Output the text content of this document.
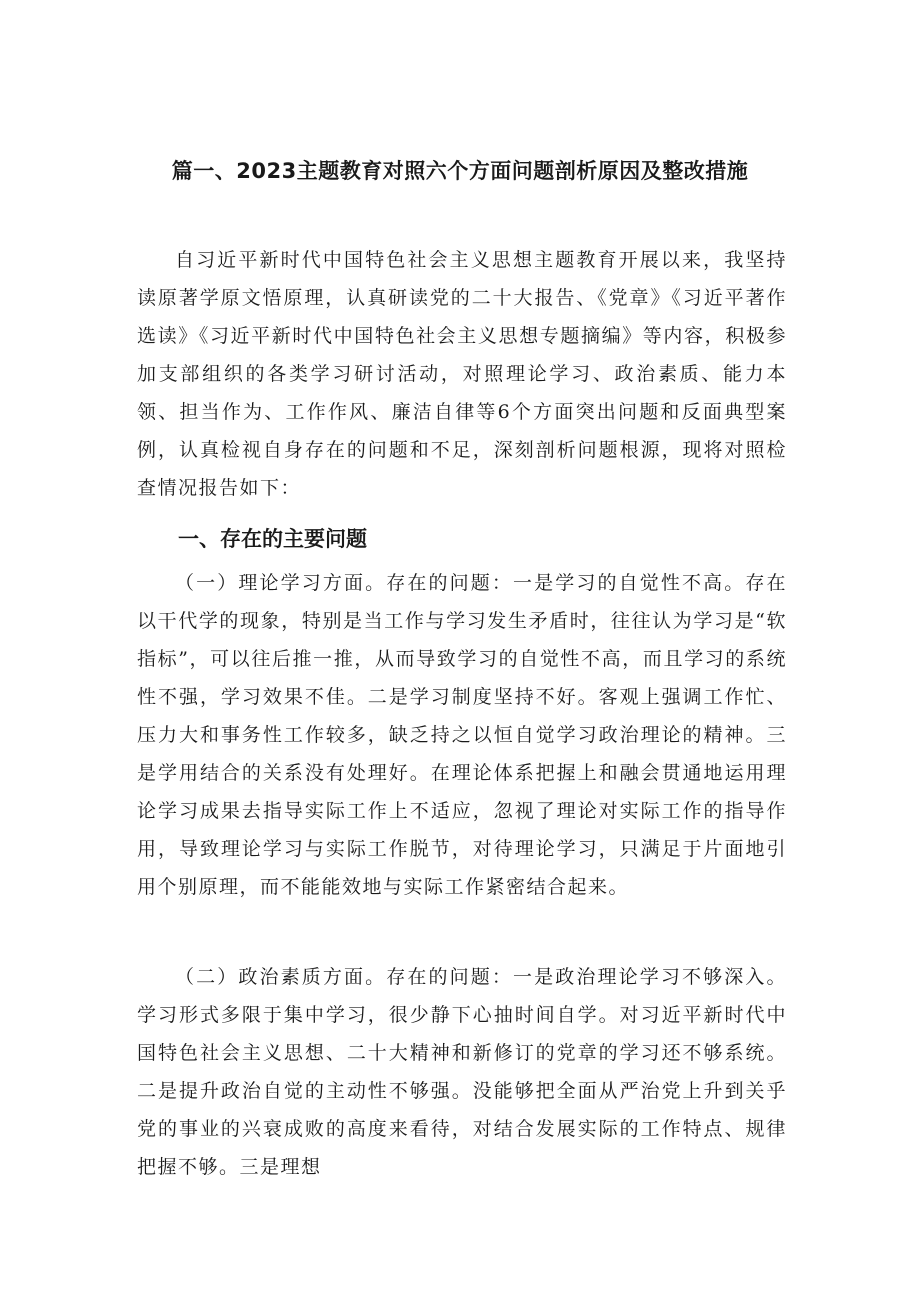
篇一、2023主题教育对照六个方面问题剖析原因及整改措施

自习近平新时代中国特色社会主义思想主题教育开展以来，我坚持读原著学原文悟原理，认真研读党的二十大报告、《党章》《习近平著作选读》《习近平新时代中国特色社会主义思想专题摘编》等内容，积极参加支部组织的各类学习研讨活动，对照理论学习、政治素质、能力本领、担当作为、工作作风、廉洁自律等6个方面突出问题和反面典型案例，认真检视自身存在的问题和不足，深刻剖析问题根源，现将对照检查情况报告如下：

一、存在的主要问题

（一）理论学习方面。存在的问题：一是学习的自觉性不高。存在以干代学的现象，特别是当工作与学习发生矛盾时，往往认为学习是“软指标”，可以往后推一推，从而导致学习的自觉性不高，而且学习的系统性不强，学习效果不佳。二是学习制度坚持不好。客观上强调工作忙、压力大和事务性工作较多，缺乏持之以恒自觉学习政治理论的精神。三是学用结合的关系没有处理好。在理论体系把握上和融会贯通地运用理论学习成果去指导实际工作上不适应，忽视了理论对实际工作的指导作用，导致理论学习与实际工作脱节，对待理论学习，只满足于片面地引用个别原理，而不能能效地与实际工作紧密结合起来。

（二）政治素质方面。存在的问题：一是政治理论学习不够深入。学习形式多限于集中学习，很少静下心抽时间自学。对习近平新时代中国特色社会主义思想、二十大精神和新修订的党章的学习还不够系统。二是提升政治自觉的主动性不够强。没能够把全面从严治党上升到关乎党的事业的兴衰成败的高度来看待，对结合发展实际的工作特点、规律把握不够。三是理想
